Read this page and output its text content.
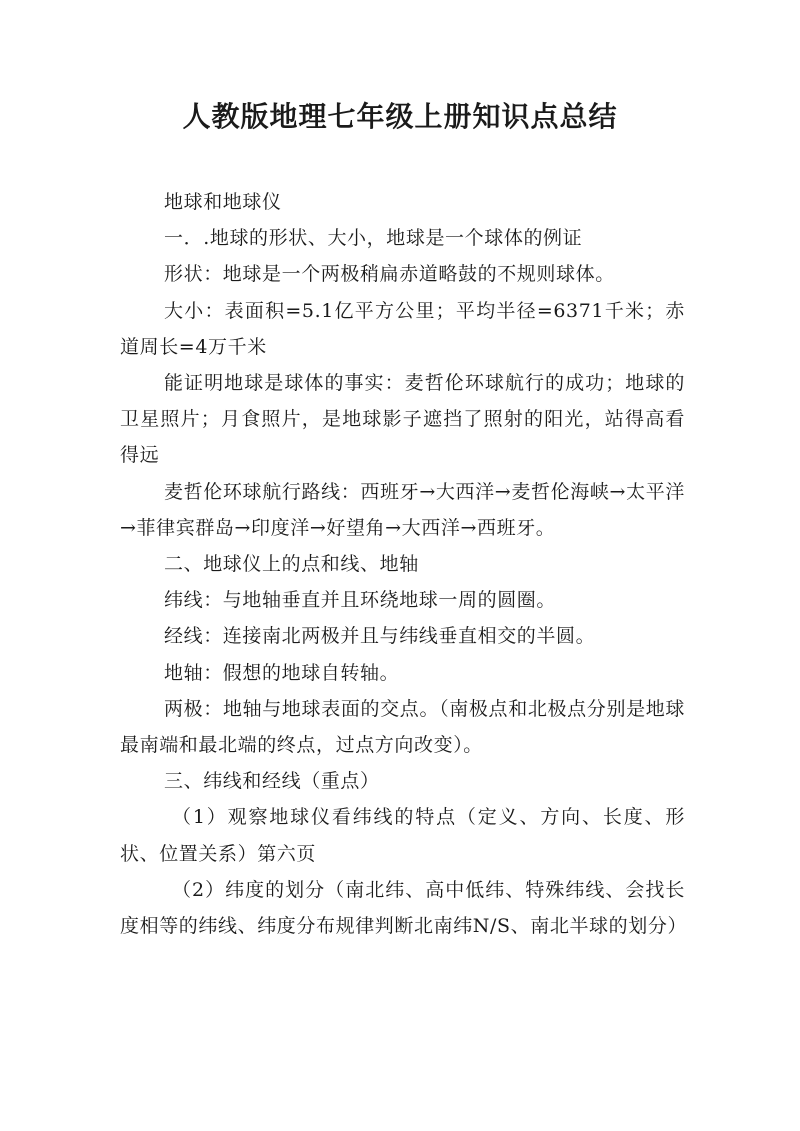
人教版地理七年级上册知识点总结

地球和地球仪

一．.地球的形状、大小，地球是一个球体的例证

形状：地球是一个两极稍扁赤道略鼓的不规则球体。

大小：表面积=5.1亿平方公里；平均半径=6371千米；赤道周长=4万千米

能证明地球是球体的事实：麦哲伦环球航行的成功；地球的卫星照片；月食照片，是地球影子遮挡了照射的阳光，站得高看得远

麦哲伦环球航行路线：西班牙→大西洋→麦哲伦海峡→太平洋→菲律宾群岛→印度洋→好望角→大西洋→西班牙。

二、地球仪上的点和线、地轴

纬线：与地轴垂直并且环绕地球一周的圆圈。

经线：连接南北两极并且与纬线垂直相交的半圆。

地轴：假想的地球自转轴。

两极：地轴与地球表面的交点。（南极点和北极点分别是地球最南端和最北端的终点，过点方向改变）。

三、纬线和经线（重点）

（1）观察地球仪看纬线的特点（定义、方向、长度、形状、位置关系）第六页

（2）纬度的划分（南北纬、高中低纬、特殊纬线、会找长度相等的纬线、纬度分布规律判断北南纬N/S、南北半球的划分）
